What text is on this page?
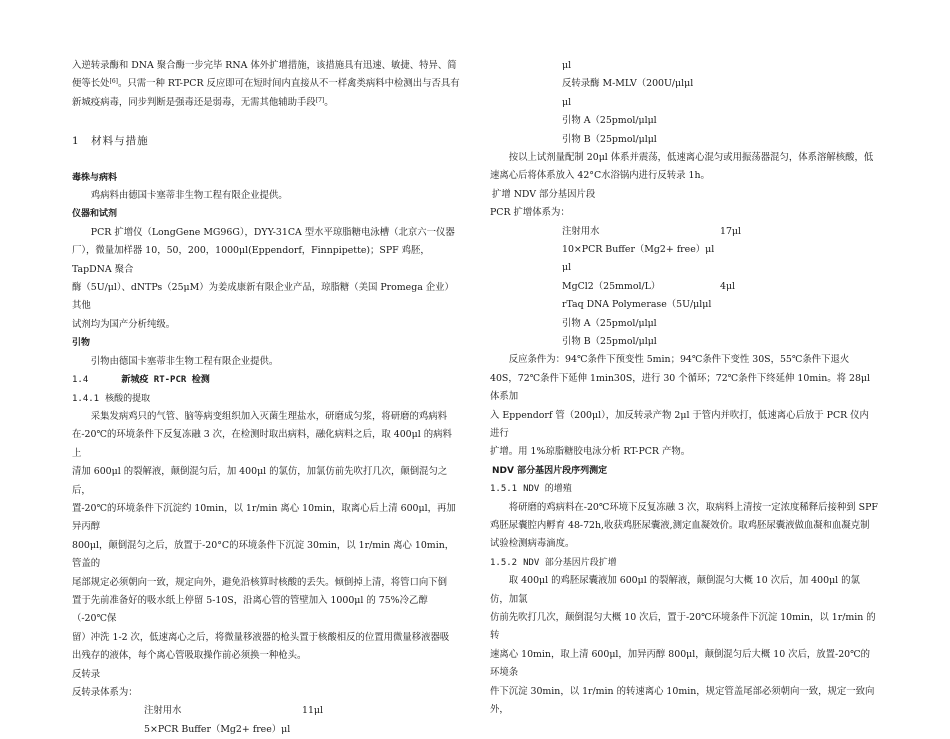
入逆转录酶和 DNA 聚合酶一步完毕 RNA 体外扩增措施，该措施具有迅速、敏捷、特异、简

便等长处[6]。只需一种 RT-PCR 反应即可在短时间内直接从不一样禽类病料中检测出与否具有

新城疫病毒，同步判断是强毒还是弱毒，无需其他辅助手段[7]。

1　材料与措施

毒株与病料

鸡病料由德国卡塞蒂非生物工程有限企业提供。

仪器和试剂

PCR 扩增仪（LongGene MG96G），DYY-31CA 型水平琼脂糖电泳槽（北京六一仪器

厂），微量加样器 10，50，200，1000μl(Eppendorf，Finnpipette)；SPF 鸡胚，TapDNA 聚合

酶（5U/μl）、dNTPs（25μM）为姜成康新有限企业产品，琼脂糖（美国 Promega 企业）其他

试剂均为国产分析纯级。

引物

引物由德国卡塞蒂非生物工程有限企业提供。

1.4	新城疫 RT-PCR 检测

1.4.1 核酸的提取

采集发病鸡只的气管、脑等病变组织加入灭菌生理盐水，研磨成匀浆，将研磨的鸡病料

在-20℃的环境条件下反复冻融 3 次，在检测时取出病料，融化病料之后，取 400μl 的病料上

清加 600μl 的裂解液，颠倒混匀后，加 400μl 的氯仿，加氯仿前先吹打几次，颠倒混匀之后，

置-20℃的环境条件下沉淀约 10min，以 1r/min 离心 10min，取离心后上清 600μl，再加异丙醇

800μl，颠倒混匀之后，放置于-20°C的环境条件下沉淀 30min，以 1r/min 离心 10min，管盖的

尾部规定必须朝向一致，规定向外，避免沿核算时核酸的丢失。倾倒掉上清，将管口向下倒

置于先前准备好的吸水纸上停留 5-10S，沿离心管的管壁加入 1000μl 的 75%冷乙醇（-20℃保

留）冲洗 1-2 次，低速离心之后，将微量移液器的枪头置于核酸相反的位置用微量移液器吸

出残存的液体，每个离心管吸取操作前必须换一种枪头。

反转录

反转录体系为：

注射用水	11μl
5×PCR Buffer（Mg2+ free）μl
μl
反转录酶 M-MLV（200U/μlμl
μl
引物 A（25pmol/μlμl
引物 B（25pmol/μlμl

按以上试剂量配制 20μl 体系并震荡，低速离心混匀或用振荡器混匀，体系溶解核酸，低

速离心后将体系放入 42°C水浴锅内进行反转录 1h。

扩增 NDV 部分基因片段

PCR 扩增体系为：

注射用水	17μl
10×PCR Buffer（Mg2+ free）μl
μl
MgCl2（25mmol/L）	4μl
rTaq DNA Polymerase（5U/μlμl
引物 A（25pmol/μlμl
引物 B（25pmol/μlμl

反应条件为：94℃条件下预变性 5min；94℃条件下变性 30S，55℃条件下退火

40S，72℃条件下延伸 1min30S，进行 30 个循环；72℃条件下终延伸 10min。将 28μl 体系加

入 Eppendorf 管（200μl），加反转录产物 2μl 于管内并吹打，低速离心后放于 PCR 仪内进行

扩增。用 1%琼脂糖胶电泳分析 RT-PCR 产物。

NDV 部分基因片段序列测定

1.5.1 NDV 的增殖

将研磨的鸡病料在-20℃环境下反复冻融 3 次，取病料上清按一定浓度稀释后接种到 SPF

鸡胚尿囊腔内孵育 48-72h,收获鸡胚尿囊液,测定血凝效价。取鸡胚尿囊液做血凝和血凝克制

试验检测病毒滴度。

1.5.2 NDV 部分基因片段扩增

取 400μl 的鸡胚尿囊液加 600μl 的裂解液，颠倒混匀大概 10 次后，加 400μl 的氯仿，加氯

仿前先吹打几次，颠倒混匀大概 10 次后，置于-20℃环境条件下沉淀 10min，以 1r/min 的转

速离心 10min，取上清 600μl，加异丙醇 800μl，颠倒混匀后大概 10 次后，放置-20℃的环境条

件下沉淀 30min，以 1r/min 的转速离心 10min，规定管盖尾部必须朝向一致，规定一致向外，
